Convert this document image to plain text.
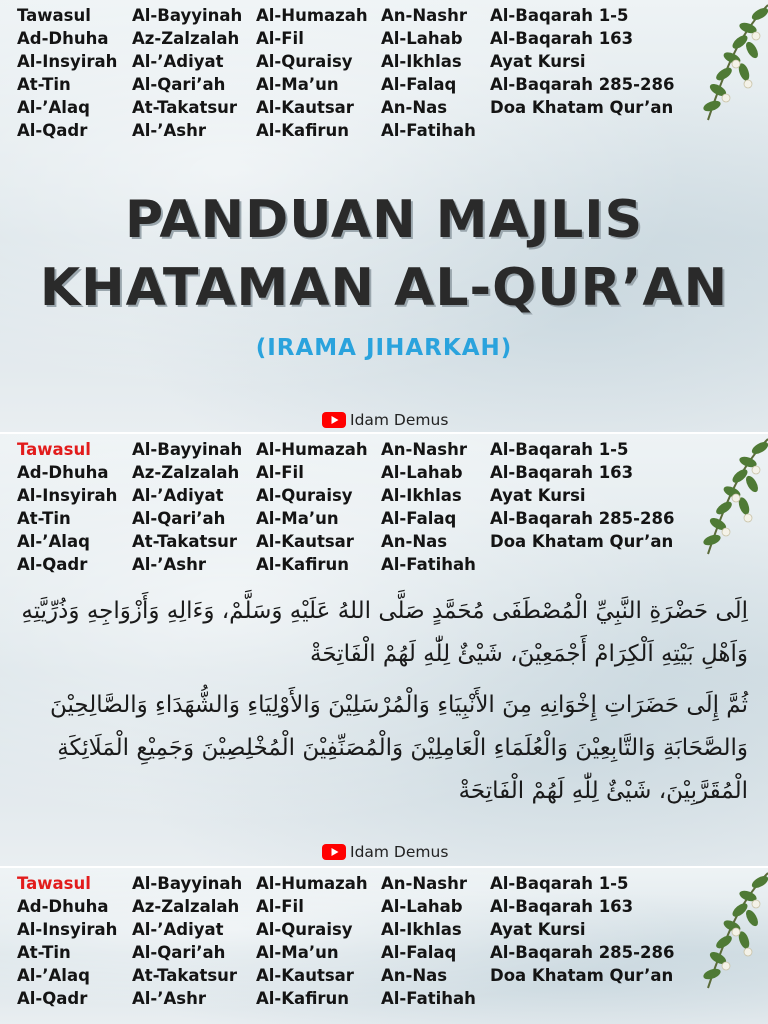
Tawasul
Ad-Dhuha
Al-Insyirah
At-Tin
Al-’Alaq
Al-Qadr
Al-Bayyinah
Az-Zalzalah
Al-’Adiyat
Al-Qari’ah
At-Takatsur
Al-’Ashr
Al-Humazah
Al-Fil
Al-Quraisy
Al-Ma’un
Al-Kautsar
Al-Kafirun
An-Nashr
Al-Lahab
Al-Ikhlas
Al-Falaq
An-Nas
Al-Fatihah
Al-Baqarah 1-5
Al-Baqarah 163
Ayat Kursi
Al-Baqarah 285-286
Doa Khatam Qur’an
PANDUAN MAJLIS
KHATAMAN AL-QUR’AN
(IRAMA JIHARKAH)
Idam Demus
Tawasul
Ad-Dhuha
Al-Insyirah
At-Tin
Al-’Alaq
Al-Qadr
Al-Bayyinah
Az-Zalzalah
Al-’Adiyat
Al-Qari’ah
At-Takatsur
Al-’Ashr
Al-Humazah
Al-Fil
Al-Quraisy
Al-Ma’un
Al-Kautsar
Al-Kafirun
An-Nashr
Al-Lahab
Al-Ikhlas
Al-Falaq
An-Nas
Al-Fatihah
Al-Baqarah 1-5
Al-Baqarah 163
Ayat Kursi
Al-Baqarah 285-286
Doa Khatam Qur’an

اِلَى حَضْرَةِ النَّبِيِّ الْمُصْطَفَى مُحَمَّدٍ صَلَّى اللهُ عَلَيْهِ وَسَلَّمْ، وَءَالِهِ وَأَزْوَاجِهِ وَذُرِّيَّتِهِ وَاَهْلِ بَيْتِهِ اَلْكِرَامْ أَجْمَعِيْنَ، شَيْئٌ لِلّٰهِ لَهُمْ الْفَاتِحَةْ

ثُمَّ إِلَى حَضَرَاتِ إِخْوَانِهِ مِنَ الأَنْبِيَاءِ وَالْمُرْسَلِيْنَ وَالأَوْلِيَاءِ وَالشُّهَدَاءِ وَالصَّالِحِيْنَ وَالصَّحَابَةِ وَالتَّابِعِيْنَ وَالْعُلَمَاءِ الْعَامِلِيْنَ وَالْمُصَنِّفِيْنَ الْمُخْلِصِيْنَ وَجَمِيْعِ الْمَلَائِكَةِ الْمُقَرَّبِيْنَ، شَيْئٌ لِلّٰهِ لَهُمْ الْفَاتِحَةْ

Idam Demus
Tawasul
Ad-Dhuha
Al-Insyirah
At-Tin
Al-’Alaq
Al-Qadr
Al-Bayyinah
Az-Zalzalah
Al-’Adiyat
Al-Qari’ah
At-Takatsur
Al-’Ashr
Al-Humazah
Al-Fil
Al-Quraisy
Al-Ma’un
Al-Kautsar
Al-Kafirun
An-Nashr
Al-Lahab
Al-Ikhlas
Al-Falaq
An-Nas
Al-Fatihah
Al-Baqarah 1-5
Al-Baqarah 163
Ayat Kursi
Al-Baqarah 285-286
Doa Khatam Qur’an
